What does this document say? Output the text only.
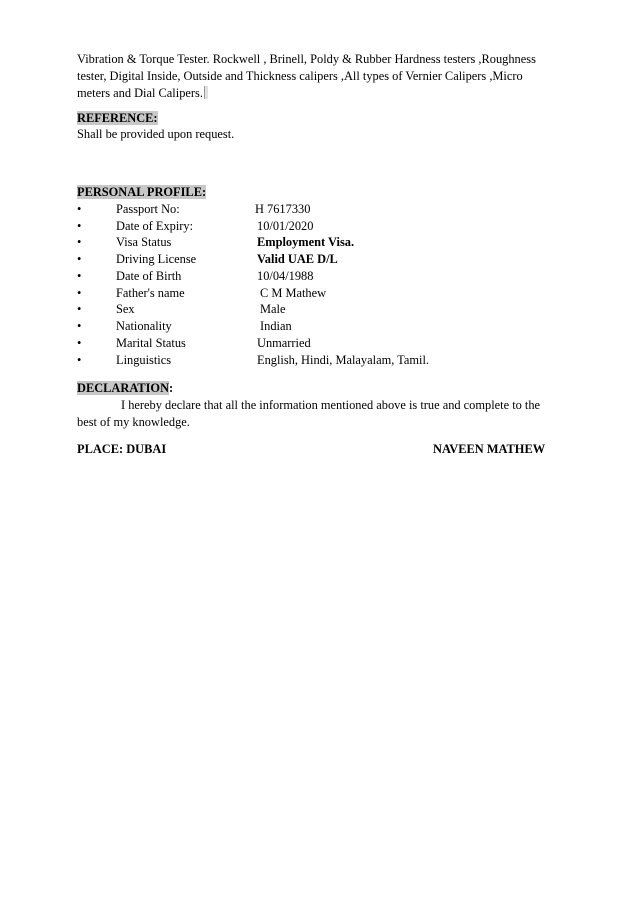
Vibration & Torque Tester. Rockwell , Brinell, Poldy & Rubber Hardness testers ,Roughness
tester, Digital Inside, Outside and Thickness calipers ,All types of Vernier Calipers ,Micro
meters and Dial Calipers.
REFERENCE:
Shall be provided upon request.
PERSONAL PROFILE:
•	Passport No:	H 7617330
•	Date of Expiry:	10/01/2020
•	Visa Status	Employment Visa.
•	Driving License	Valid UAE D/L
•	Date of Birth	10/04/1988
•	Father's name	C M Mathew
•	Sex	Male
•	Nationality	Indian
•	Marital Status	Unmarried
•	Linguistics	English, Hindi, Malayalam, Tamil.
DECLARATION:
I hereby declare that all the information mentioned above is true and complete to the best of my knowledge.
PLACE: DUBAI	NAVEEN MATHEW
